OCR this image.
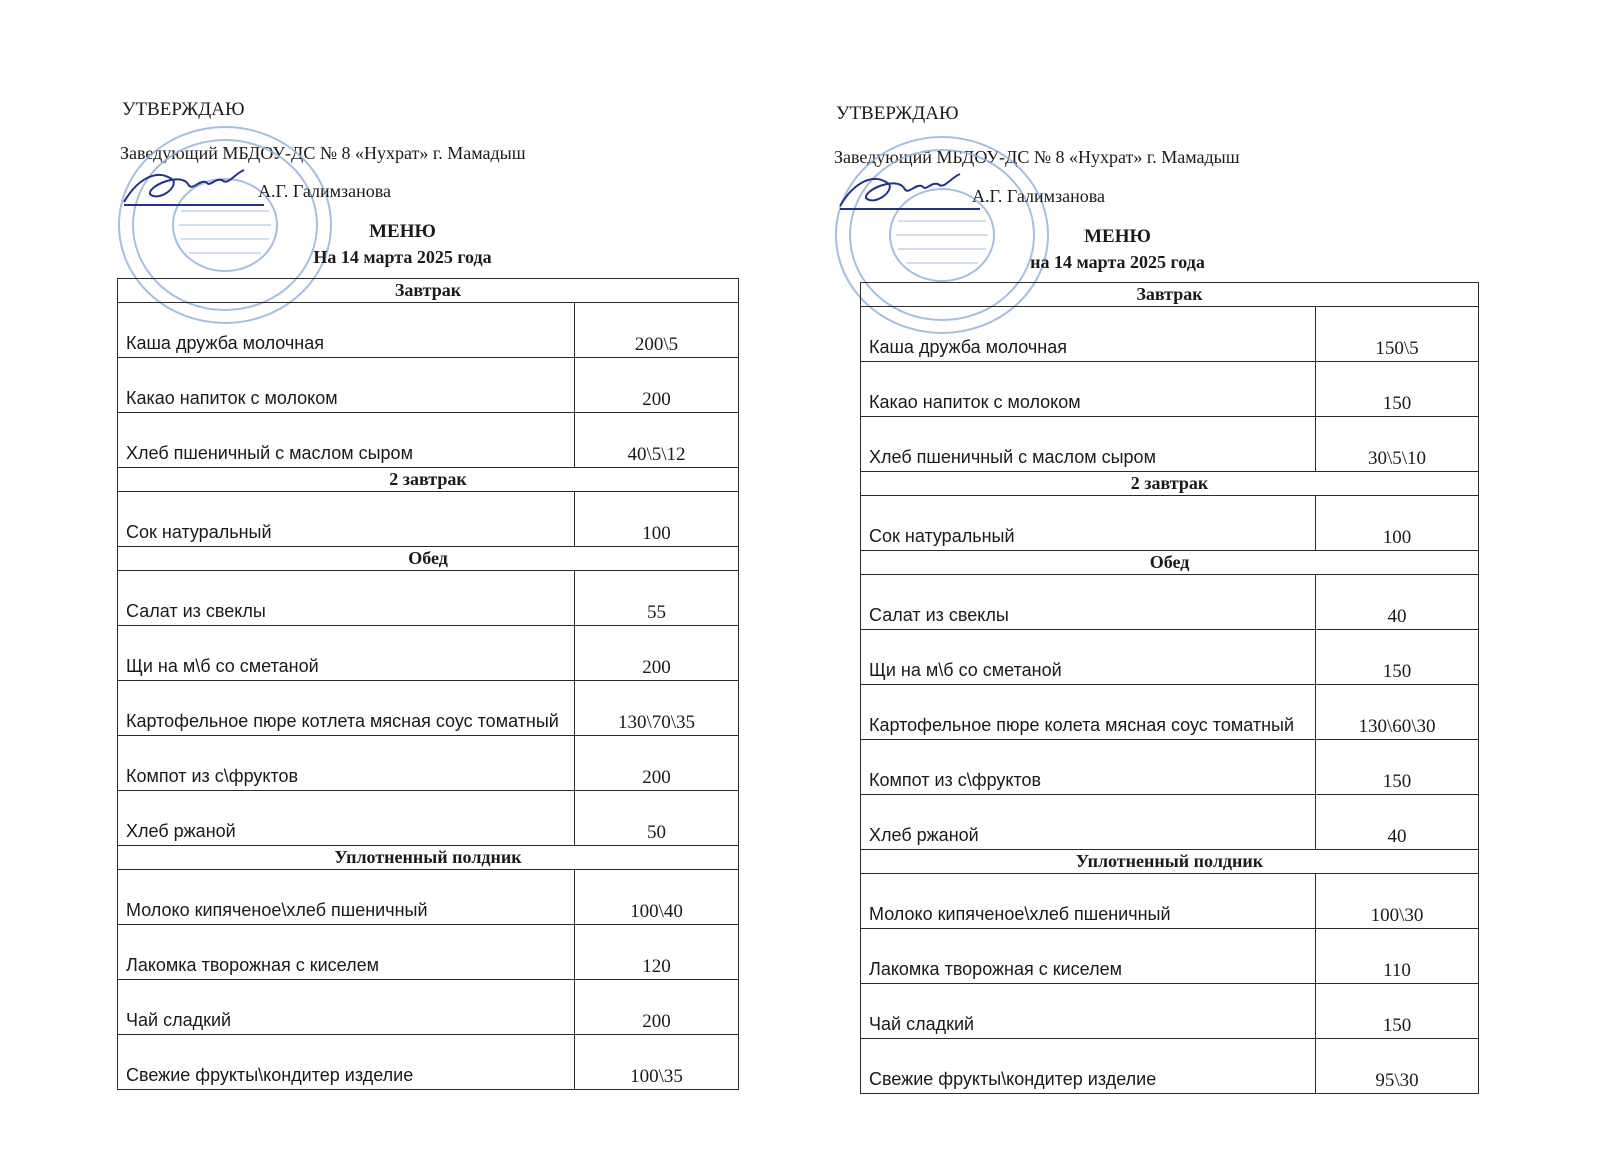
УТВЕРЖДАЮ
Заведующий МБДОУ-ДС № 8 «Нухрат» г. Мамадыш
А.Г. Галимзанова
МЕНЮ
На 14 марта 2025 года
Завтрак	
Каша дружба молочная	200\5
Какао напиток с молоком	200
Хлеб пшеничный с маслом сыром	40\5\12
2 завтрак	
Сок натуральный	100
Обед	
Салат из свеклы	55
Щи на м\б со сметаной	200
Картофельное пюре котлета мясная соус томатный	130\70\35
Компот из с\фруктов	200
Хлеб ржаной	50
Уплотненный полдник	
Молоко кипяченое\хлеб пшеничный	100\40
Лакомка творожная с киселем	120
Чай сладкий	200
Свежие фрукты\кондитер изделие	100\35
УТВЕРЖДАЮ
Заведующий МБДОУ-ДС № 8 «Нухрат» г. Мамадыш
А.Г. Галимзанова
МЕНЮ
на 14 марта 2025 года
Завтрак	
Каша дружба молочная	150\5
Какао напиток с молоком	150
Хлеб пшеничный с маслом сыром	30\5\10
2 завтрак	
Сок натуральный	100
Обед	
Салат из свеклы	40
Щи на м\б со сметаной	150
Картофельное пюре колета мясная соус томатный	130\60\30
Компот из с\фруктов	150
Хлеб ржаной	40
Уплотненный полдник	
Молоко кипяченое\хлеб пшеничный	100\30
Лакомка творожная с киселем	110
Чай сладкий	150
Свежие фрукты\кондитер изделие	95\30
